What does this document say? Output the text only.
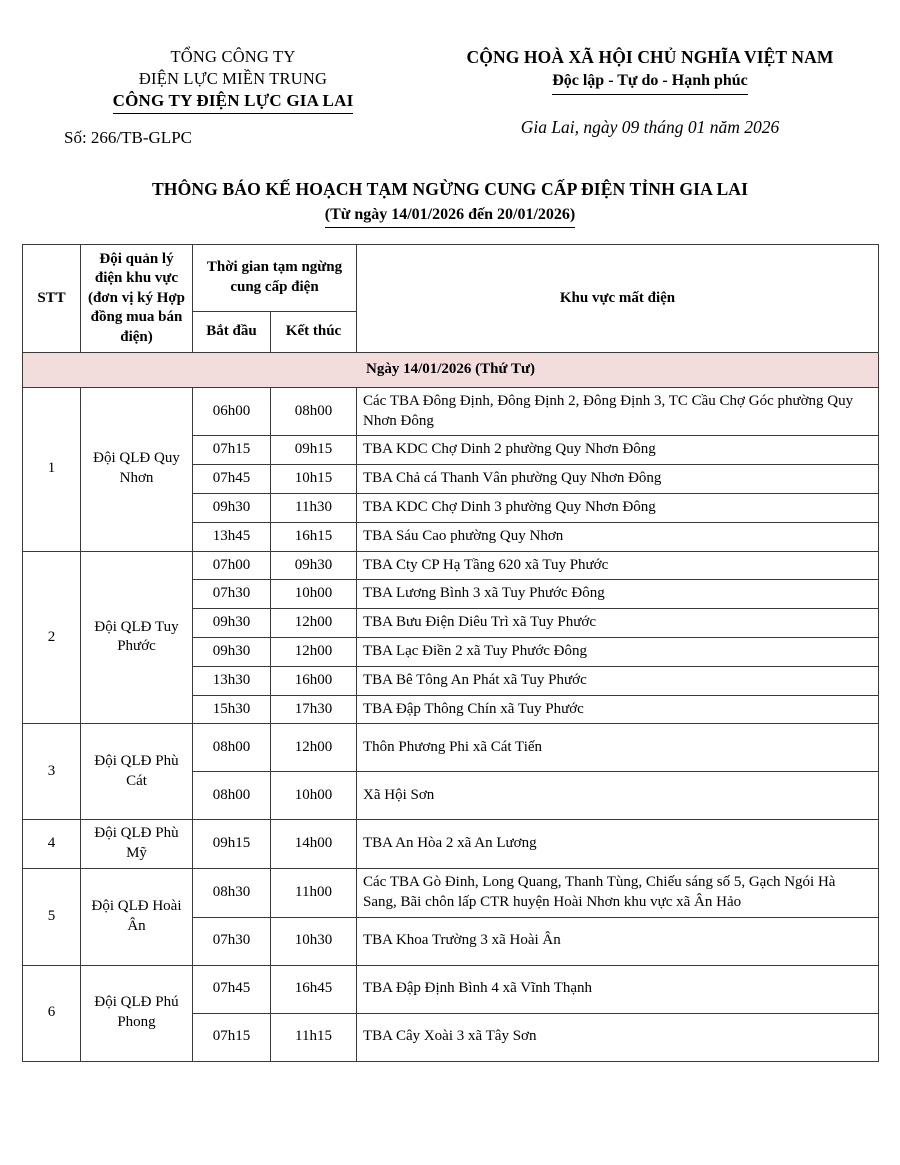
TỔNG CÔNG TY
ĐIỆN LỰC MIỀN TRUNG
CÔNG TY ĐIỆN LỰC GIA LAI
Số: 266/TB-GLPC
CỘNG HOÀ XÃ HỘI CHỦ NGHĨA VIỆT NAM
Độc lập - Tự do - Hạnh phúc
Gia Lai, ngày 09 tháng 01 năm 2026
THÔNG BÁO KẾ HOẠCH TẠM NGỪNG CUNG CẤP ĐIỆN TỈNH GIA LAI
(Từ ngày 14/01/2026 đến 20/01/2026)
STT	Đội quản lý điện khu vực (đơn vị ký Hợp đồng mua bán điện)	Thời gian tạm ngừng cung cấp điện		Khu vực mất điện
		Bắt đầu	Kết thúc	
Ngày 14/01/2026 (Thứ Tư)				
1	Đội QLĐ Quy Nhơn	06h00	08h00	Các TBA Đông Định, Đông Định 2, Đông Định 3, TC Cầu Chợ Góc phường Quy Nhơn Đông
		07h15	09h15	TBA KDC Chợ Dinh 2 phường Quy Nhơn Đông
		07h45	10h15	TBA Chả cá Thanh Vân phường Quy Nhơn Đông
		09h30	11h30	TBA KDC Chợ Dinh 3 phường Quy Nhơn Đông
		13h45	16h15	TBA Sáu Cao phường Quy Nhơn
2	Đội QLĐ Tuy Phước	07h00	09h30	TBA Cty CP Hạ Tầng 620 xã Tuy Phước
		07h30	10h00	TBA Lương Bình 3 xã Tuy Phước Đông
		09h30	12h00	TBA Bưu Điện Diêu Trì xã Tuy Phước
		09h30	12h00	TBA Lạc Điền 2 xã Tuy Phước Đông
		13h30	16h00	TBA Bê Tông An Phát xã Tuy Phước
		15h30	17h30	TBA Đập Thông Chín xã Tuy Phước
3	Đội QLĐ Phù Cát	08h00	12h00	Thôn Phương Phi xã Cát Tiến
		08h00	10h00	Xã Hội Sơn
4	Đội QLĐ Phù Mỹ	09h15	14h00	TBA An Hòa 2 xã An Lương
5	Đội QLĐ Hoài Ân	08h30	11h00	Các TBA Gò Đinh, Long Quang, Thanh Tùng, Chiếu sáng số 5, Gạch Ngói Hà Sang, Bãi chôn lấp CTR huyện Hoài Nhơn khu vực xã Ân Hảo
		07h30	10h30	TBA Khoa Trường 3 xã Hoài Ân
6	Đội QLĐ Phú Phong	07h45	16h45	TBA Đập Định Bình 4 xã Vĩnh Thạnh
		07h15	11h15	TBA Cây Xoài 3 xã Tây Sơn
